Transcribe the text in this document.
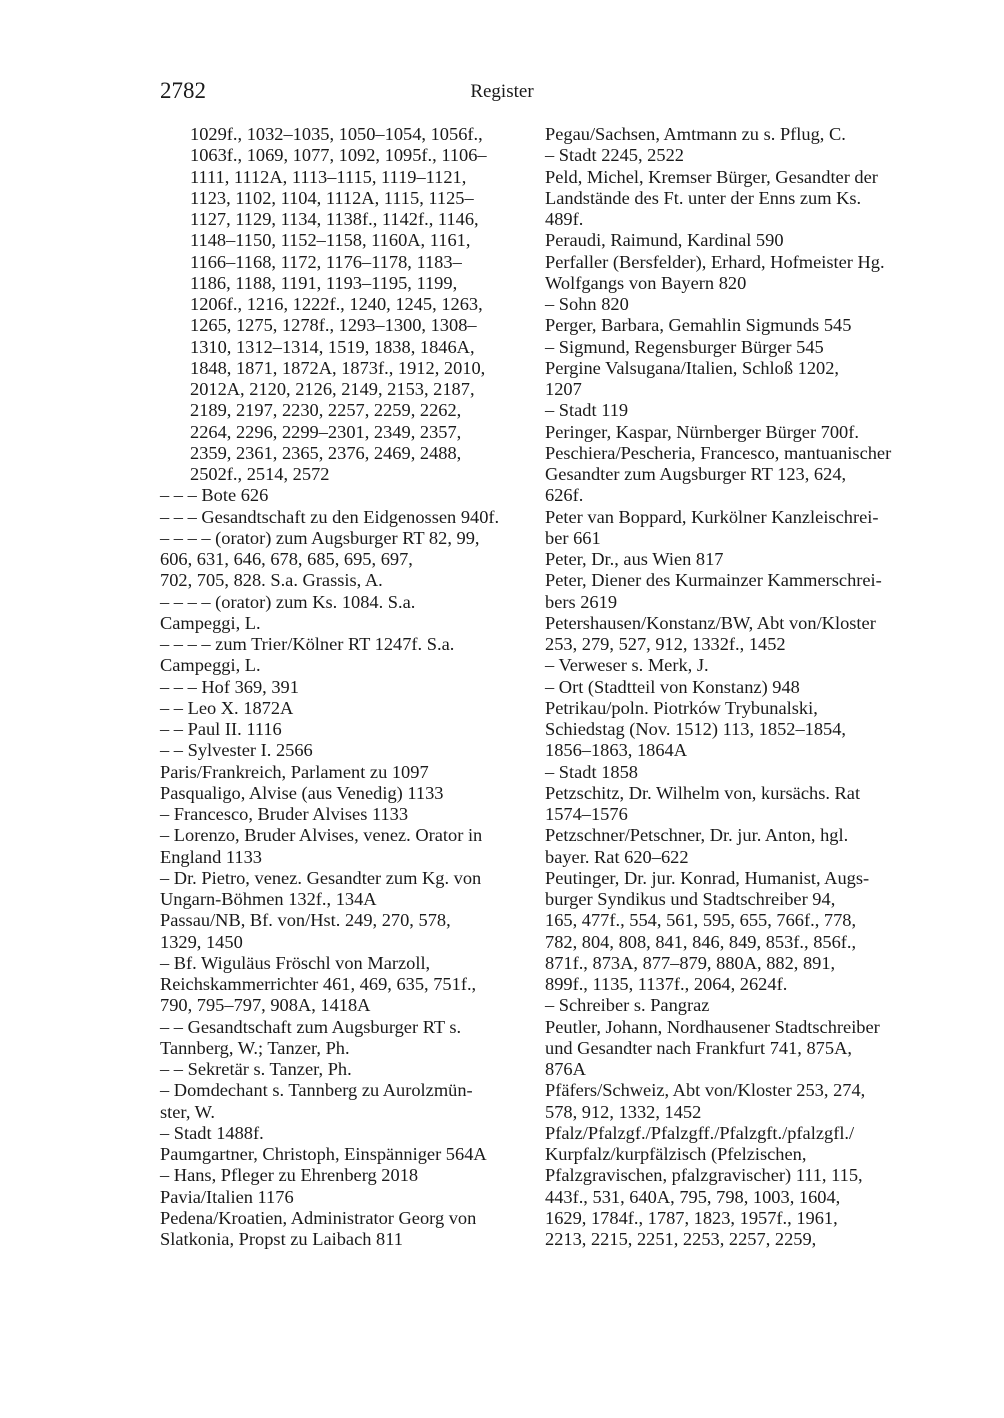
2782	Register
1029f., 1032–1035, 1050–1054, 1056f.,
1063f., 1069, 1077, 1092, 1095f., 1106–
1111, 1112A, 1113–1115, 1119–1121,
1123, 1102, 1104, 1112A, 1115, 1125–
1127, 1129, 1134, 1138f., 1142f., 1146,
1148–1150, 1152–1158, 1160A, 1161,
1166–1168, 1172, 1176–1178, 1183–
1186, 1188, 1191, 1193–1195, 1199,
1206f., 1216, 1222f., 1240, 1245, 1263,
1265, 1275, 1278f., 1293–1300, 1308–
1310, 1312–1314, 1519, 1838, 1846A,
1848, 1871, 1872A, 1873f., 1912, 2010,
2012A, 2120, 2126, 2149, 2153, 2187,
2189, 2197, 2230, 2257, 2259, 2262,
2264, 2296, 2299–2301, 2349, 2357,
2359, 2361, 2365, 2376, 2469, 2488,
2502f., 2514, 2572
– – – Bote 626
– – – Gesandtschaft zu den Eidgenossen 940f.
– – – – (orator) zum Augsburger RT 82, 99,
606, 631, 646, 678, 685, 695, 697,
702, 705, 828. S.a. Grassis, A.
– – – – (orator) zum Ks. 1084. S.a.
Campeggi, L.
– – – – zum Trier/Kölner RT 1247f. S.a.
Campeggi, L.
– – – Hof 369, 391
– – Leo X. 1872A
– – Paul II. 1116
– – Sylvester I. 2566
Paris/Frankreich, Parlament zu 1097
Pasqualigo, Alvise (aus Venedig) 1133
– Francesco, Bruder Alvises 1133
– Lorenzo, Bruder Alvises, venez. Orator in
England 1133
– Dr. Pietro, venez. Gesandter zum Kg. von
Ungarn-Böhmen 132f., 134A
Passau/NB, Bf. von/Hst. 249, 270, 578,
1329, 1450
– Bf. Wiguläus Fröschl von Marzoll,
Reichskammerrichter 461, 469, 635, 751f.,
790, 795–797, 908A, 1418A
– – Gesandtschaft zum Augsburger RT s.
Tannberg, W.; Tanzer, Ph.
– – Sekretär s. Tanzer, Ph.
– Domdechant s. Tannberg zu Aurolzmün-
ster, W.
– Stadt 1488f.
Paumgartner, Christoph, Einspänniger 564A
– Hans, Pfleger zu Ehrenberg 2018
Pavia/Italien 1176
Pedena/Kroatien, Administrator Georg von
Slatkonia, Propst zu Laibach 811
Pegau/Sachsen, Amtmann zu s. Pflug, C.
– Stadt 2245, 2522
Peld, Michel, Kremser Bürger, Gesandter der
Landstände des Ft. unter der Enns zum Ks.
489f.
Peraudi, Raimund, Kardinal 590
Perfaller (Bersfelder), Erhard, Hofmeister Hg.
Wolfgangs von Bayern 820
– Sohn 820
Perger, Barbara, Gemahlin Sigmunds 545
– Sigmund, Regensburger Bürger 545
Pergine Valsugana/Italien, Schloß 1202,
1207
– Stadt 119
Peringer, Kaspar, Nürnberger Bürger 700f.
Peschiera/Pescheria, Francesco, mantuanischer
Gesandter zum Augsburger RT 123, 624,
626f.
Peter van Boppard, Kurkölner Kanzleischrei-
ber 661
Peter, Dr., aus Wien 817
Peter, Diener des Kurmainzer Kammerschrei-
bers 2619
Petershausen/Konstanz/BW, Abt von/Kloster
253, 279, 527, 912, 1332f., 1452
– Verweser s. Merk, J.
– Ort (Stadtteil von Konstanz) 948
Petrikau/poln. Piotrków Trybunalski,
Schiedstag (Nov. 1512) 113, 1852–1854,
1856–1863, 1864A
– Stadt 1858
Petzschitz, Dr. Wilhelm von, kursächs. Rat
1574–1576
Petzschner/Petschner, Dr. jur. Anton, hgl.
bayer. Rat 620–622
Peutinger, Dr. jur. Konrad, Humanist, Augs-
burger Syndikus und Stadtschreiber 94,
165, 477f., 554, 561, 595, 655, 766f., 778,
782, 804, 808, 841, 846, 849, 853f., 856f.,
871f., 873A, 877–879, 880A, 882, 891,
899f., 1135, 1137f., 2064, 2624f.
– Schreiber s. Pangraz
Peutler, Johann, Nordhausener Stadtschreiber
und Gesandter nach Frankfurt 741, 875A,
876A
Pfäfers/Schweiz, Abt von/Kloster 253, 274,
578, 912, 1332, 1452
Pfalz/Pfalzgf./Pfalzgff./Pfalzgft./pfalzgfl./
Kurpfalz/kurpfälzisch (Pfelzischen,
Pfalzgravischen, pfalzgravischer) 111, 115,
443f., 531, 640A, 795, 798, 1003, 1604,
1629, 1784f., 1787, 1823, 1957f., 1961,
2213, 2215, 2251, 2253, 2257, 2259,
